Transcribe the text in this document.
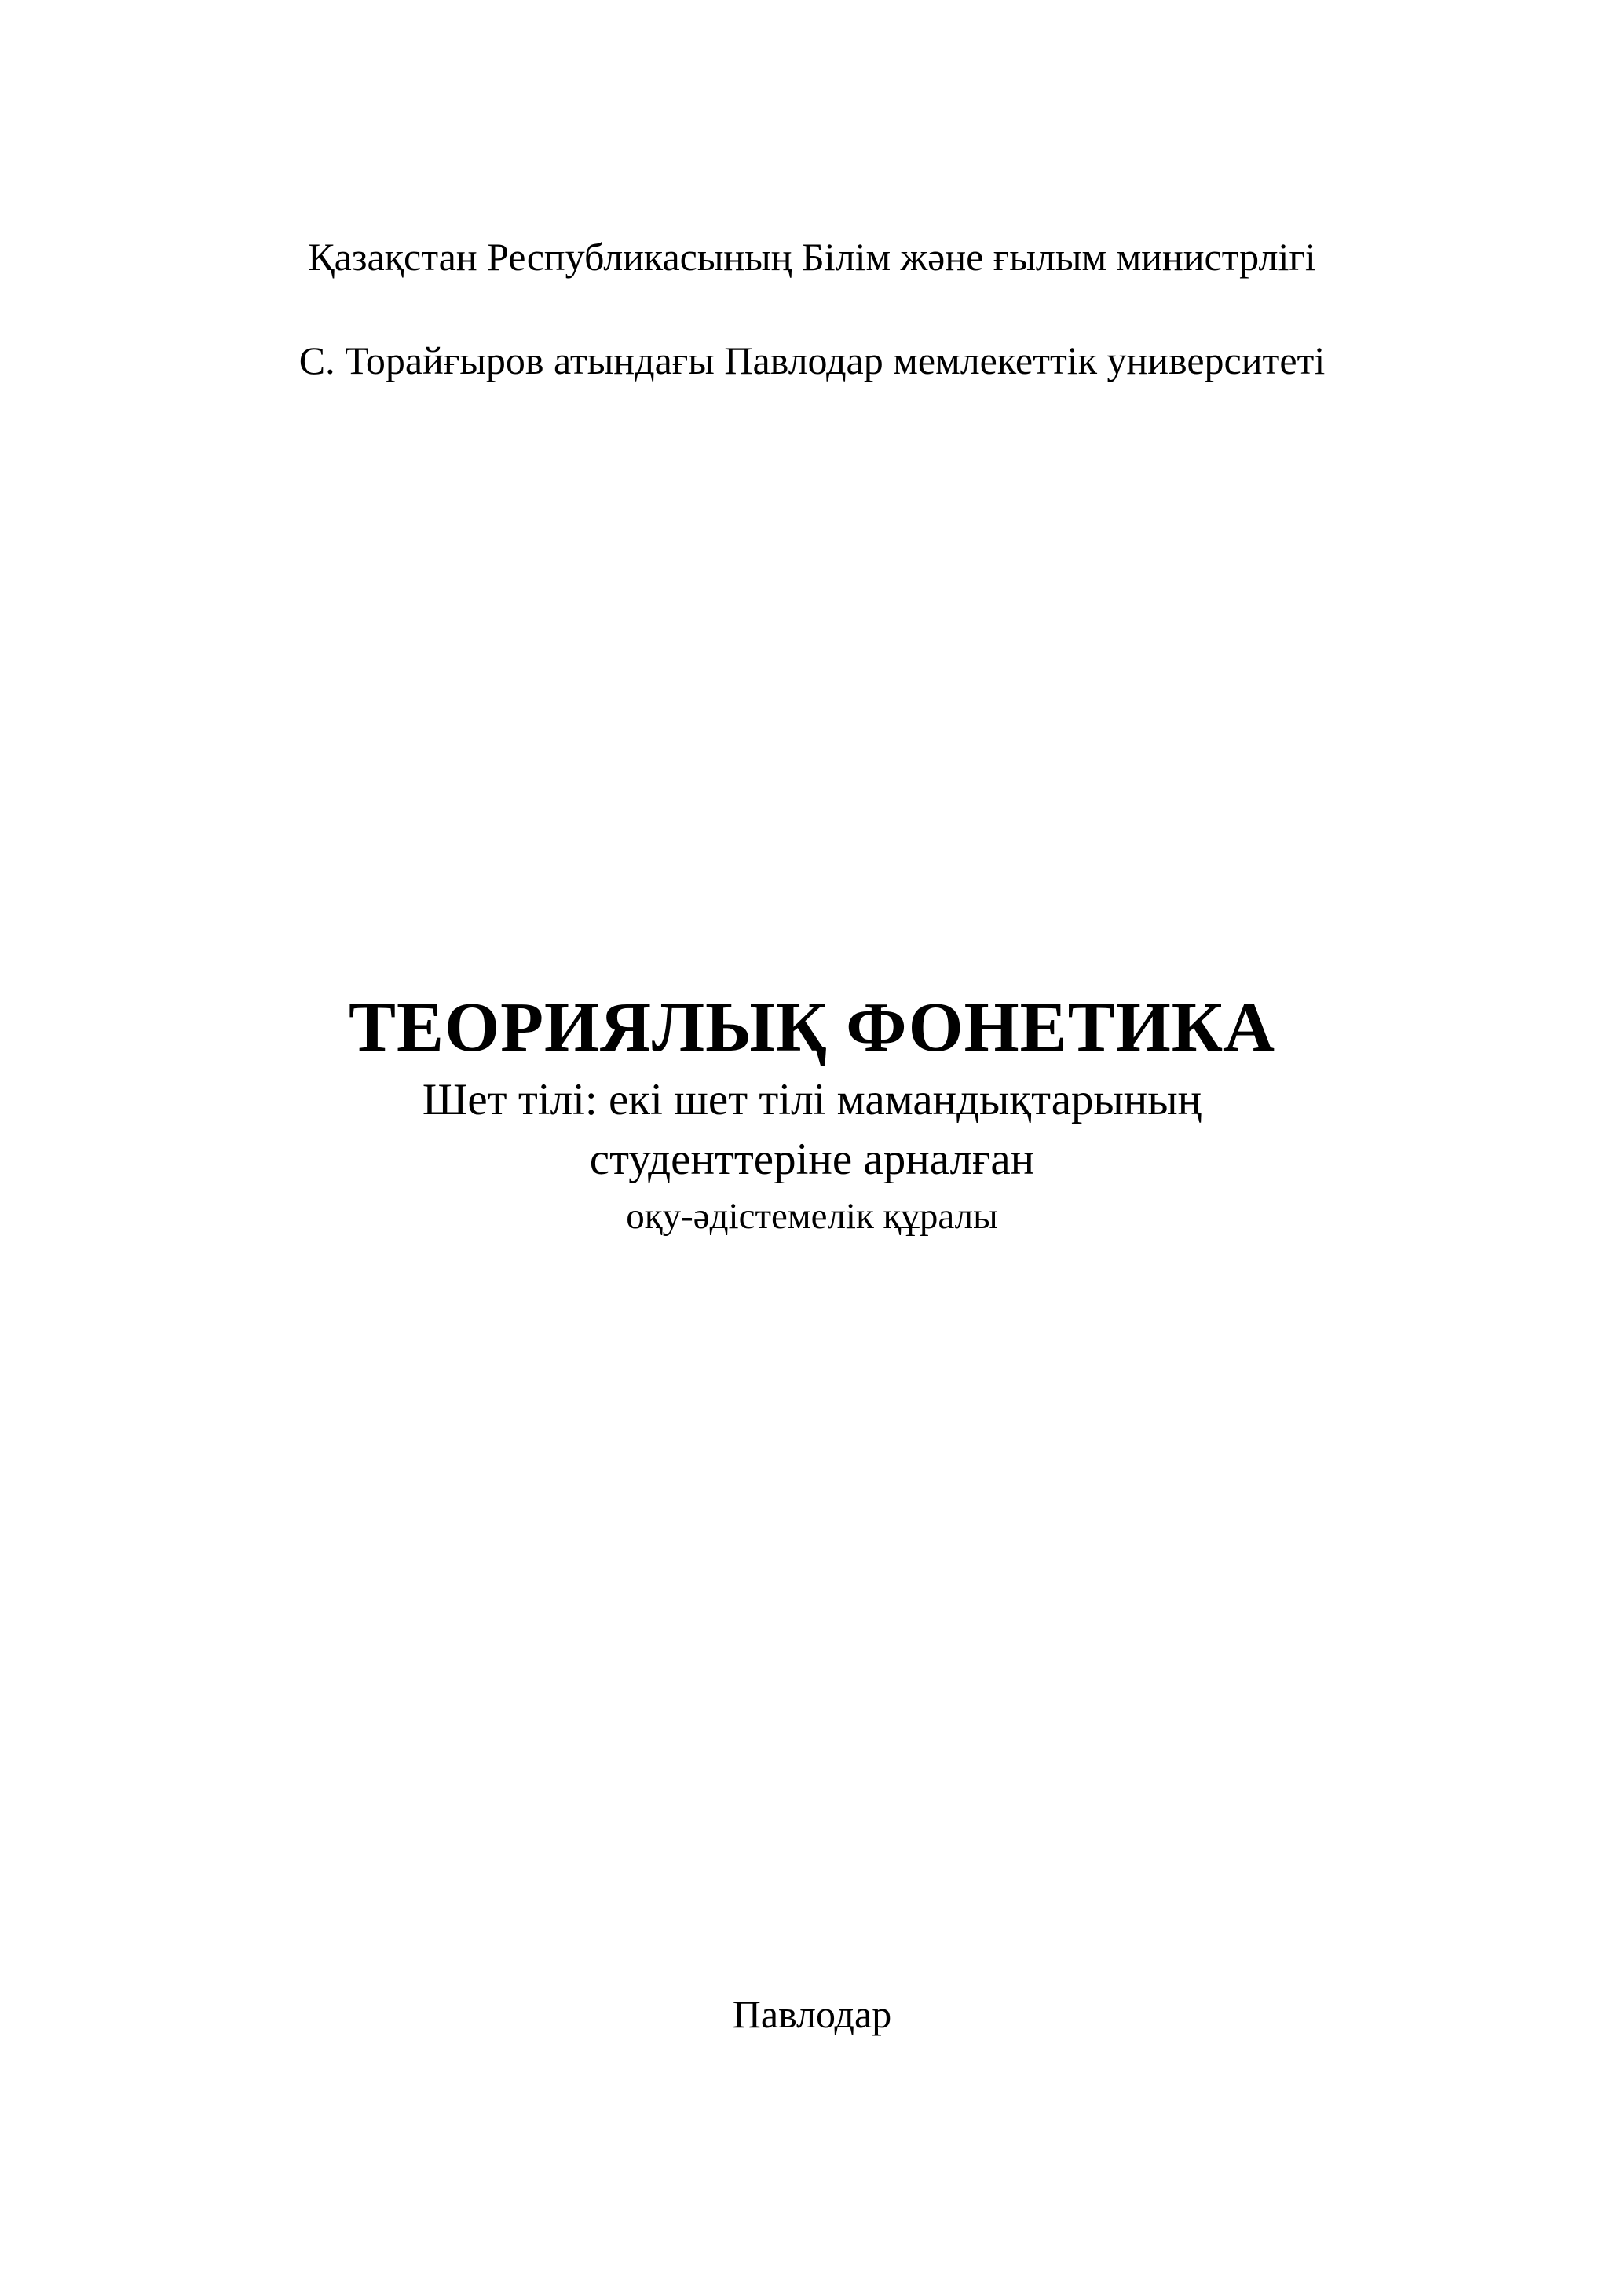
Қазақстан Республикасының Білім және ғылым министрлігі
С. Торайғыров атындағы Павлодар мемлекеттік университеті
ТЕОРИЯЛЫҚ ФОНЕТИКА
Шет тілі: екі шет тілі мамандықтарының
студенттеріне арналған
оқу-әдістемелік құралы
Павлодар
